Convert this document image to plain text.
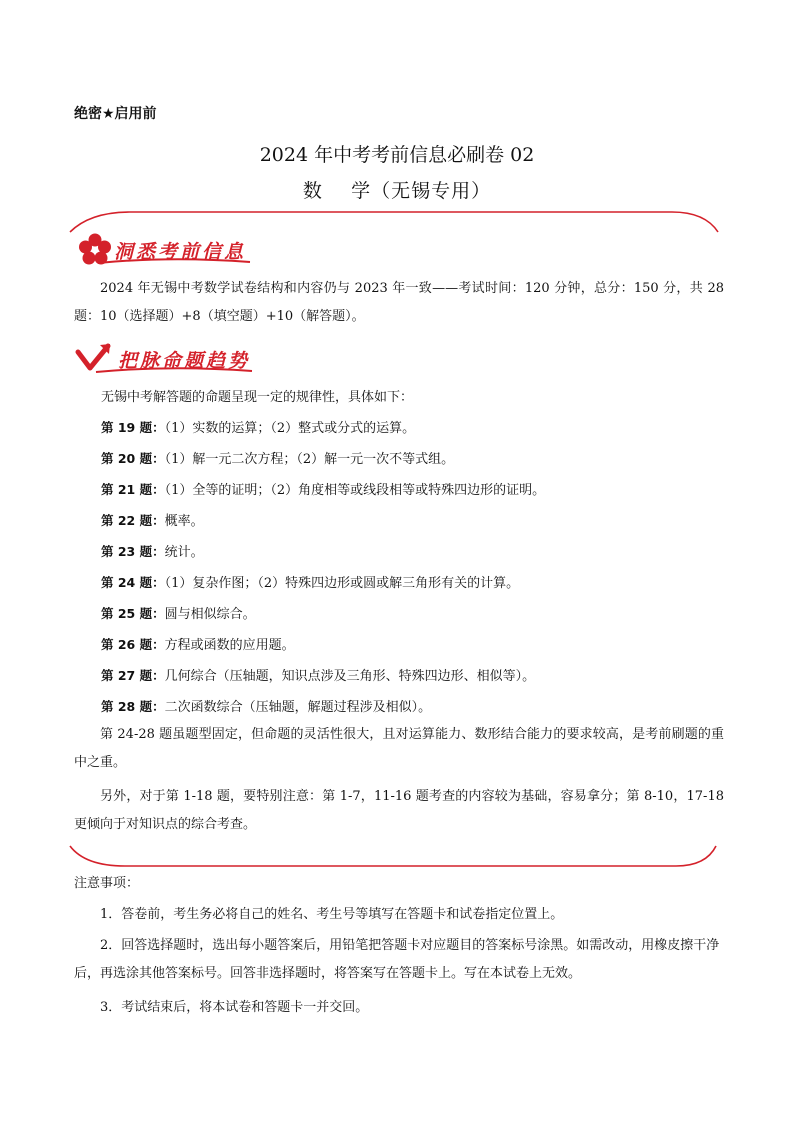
绝密★启用前
2024 年中考考前信息必刷卷 02
数    学（无锡专用）
洞悉考前信息
2024 年无锡中考数学试卷结构和内容仍与 2023 年一致——考试时间：120 分钟，总分：150 分，共 28 题：10（选择题）+8（填空题）+10（解答题）。
把脉命题趋势
无锡中考解答题的命题呈现一定的规律性，具体如下：
第 19 题：（1）实数的运算；（2）整式或分式的运算。
第 20 题：（1）解一元二次方程；（2）解一元一次不等式组。
第 21 题：（1）全等的证明；（2）角度相等或线段相等或特殊四边形的证明。
第 22 题：概率。
第 23 题：统计。
第 24 题：（1）复杂作图；（2）特殊四边形或圆或解三角形有关的计算。
第 25 题：圆与相似综合。
第 26 题：方程或函数的应用题。
第 27 题：几何综合（压轴题，知识点涉及三角形、特殊四边形、相似等）。
第 28 题：二次函数综合（压轴题，解题过程涉及相似）。
第 24-28 题虽题型固定，但命题的灵活性很大，且对运算能力、数形结合能力的要求较高，是考前刷题的重中之重。
另外，对于第 1-18 题，要特别注意：第 1-7，11-16 题考查的内容较为基础，容易拿分；第 8-10，17-18 更倾向于对知识点的综合考查。
注意事项：
1．答卷前，考生务必将自己的姓名、考生号等填写在答题卡和试卷指定位置上。
2．回答选择题时，选出每小题答案后，用铅笔把答题卡对应题目的答案标号涂黑。如需改动，用橡皮擦干净后，再选涂其他答案标号。回答非选择题时，将答案写在答题卡上。写在本试卷上无效。
3．考试结束后，将本试卷和答题卡一并交回。
